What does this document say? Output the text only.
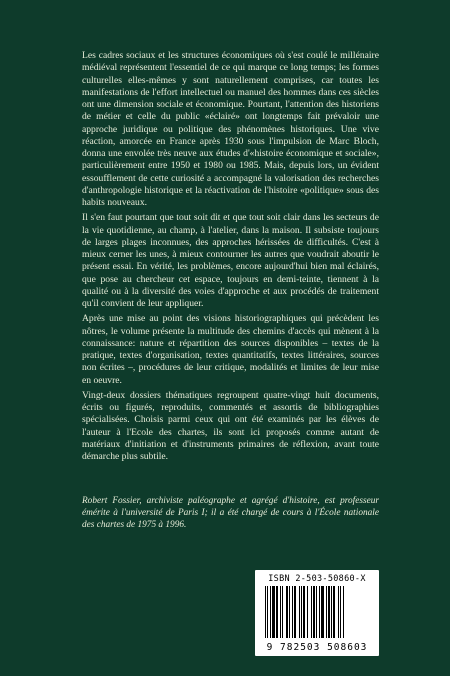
Les cadres sociaux et les structures économiques où s'est coulé le millénaire médiéval représentent l'essentiel de ce qui marque ce long temps; les formes culturelles elles-mêmes y sont naturellement comprises, car toutes les manifestations de l'effort intellectuel ou manuel des hommes dans ces siècles ont une dimension sociale et économique. Pourtant, l'attention des historiens de métier et celle du public «éclairé» ont longtemps fait prévaloir une approche juridique ou politique des phénomènes historiques. Une vive réaction, amorcée en France après 1930 sous l'impulsion de Marc Bloch, donna une envolée très neuve aux études d'«histoire économique et sociale», particulièrement entre 1950 et 1980 ou 1985. Mais, depuis lors, un évident essoufflement de cette curiosité a accompagné la valorisation des recherches d'anthropologie historique et la réactivation de l'histoire «politique» sous des habits nouveaux.

Il s'en faut pourtant que tout soit dit et que tout soit clair dans les secteurs de la vie quotidienne, au champ, à l'atelier, dans la maison. Il subsiste toujours de larges plages inconnues, des approches hérissées de difficultés. C'est à mieux cerner les unes, à mieux contourner les autres que voudrait aboutir le présent essai. En vérité, les problèmes, encore aujourd'hui bien mal éclairés, que pose au chercheur cet espace, toujours en demi-teinte, tiennent à la qualité ou à la diversité des voies d'approche et aux procédés de traitement qu'il convient de leur appliquer.

Après une mise au point des visions historiographiques qui précèdent les nôtres, le volume présente la multitude des chemins d'accès qui mènent à la connaissance: nature et répartition des sources disponibles – textes de la pratique, textes d'organisation, textes quantitatifs, textes littéraires, sources non écrites –, procédures de leur critique, modalités et limites de leur mise en oeuvre.

Vingt-deux dossiers thématiques regroupent quatre-vingt huit documents, écrits ou figurés, reproduits, commentés et assortis de bibliographies spécialisées. Choisis parmi ceux qui ont été examinés par les élèves de l'auteur à l'Ecole des chartes, ils sont ici proposés comme autant de matériaux d'initiation et d'instruments primaires de réflexion, avant toute démarche plus subtile.

Robert Fossier, archiviste paléographe et agrégé d'histoire, est professeur émérite à l'université de Paris I; il a été chargé de cours à l'École nationale des chartes de 1975 à 1996.
ISBN 2-503-50860-X
9 782503 508603
